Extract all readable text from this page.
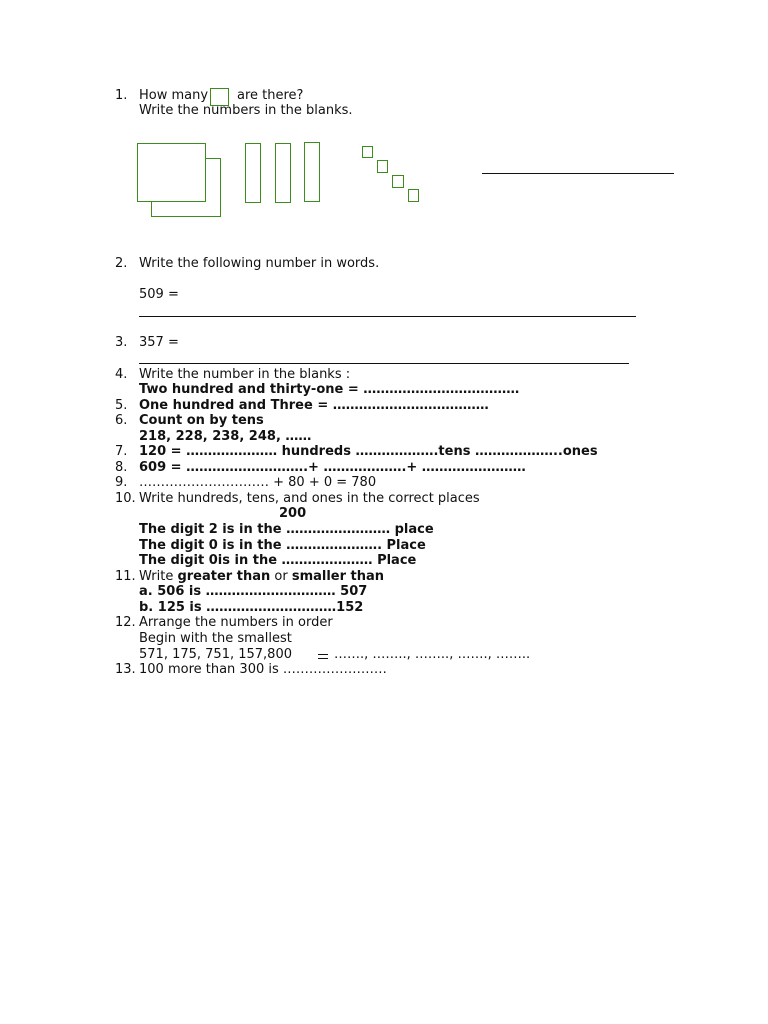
1. How many are there?
Write the numbers in the blanks.
2. Write the following number in words.
509 =
3. 357 =
4. Write the number in the blanks :
Two hundred and thirty-one = ………………………………
5. One hundred and Three = ………………………………
6. Count on by tens
218, 228, 238, 248, ……
7. 120 = ………………… hundreds ……………….tens ………………..ones
8. 609 = ……………………….+ ……………….+ ……………………
9. ………………………… + 80 + 0 = 780
10. Write hundreds, tens, and ones in the correct places
200
The digit 2 is in the …………………… place
The digit 0 is in the …………………. Place
The digit 0is in the ………………… Place
11. Write greater than or smaller than
a. 506 is ………………………… 507
b. 125 is …………………………152
12. Arrange the numbers in order
Begin with the smallest
571, 175, 751, 157,800	……., …….., …….., ……., ……..
13. 100 more than 300 is ……………………
